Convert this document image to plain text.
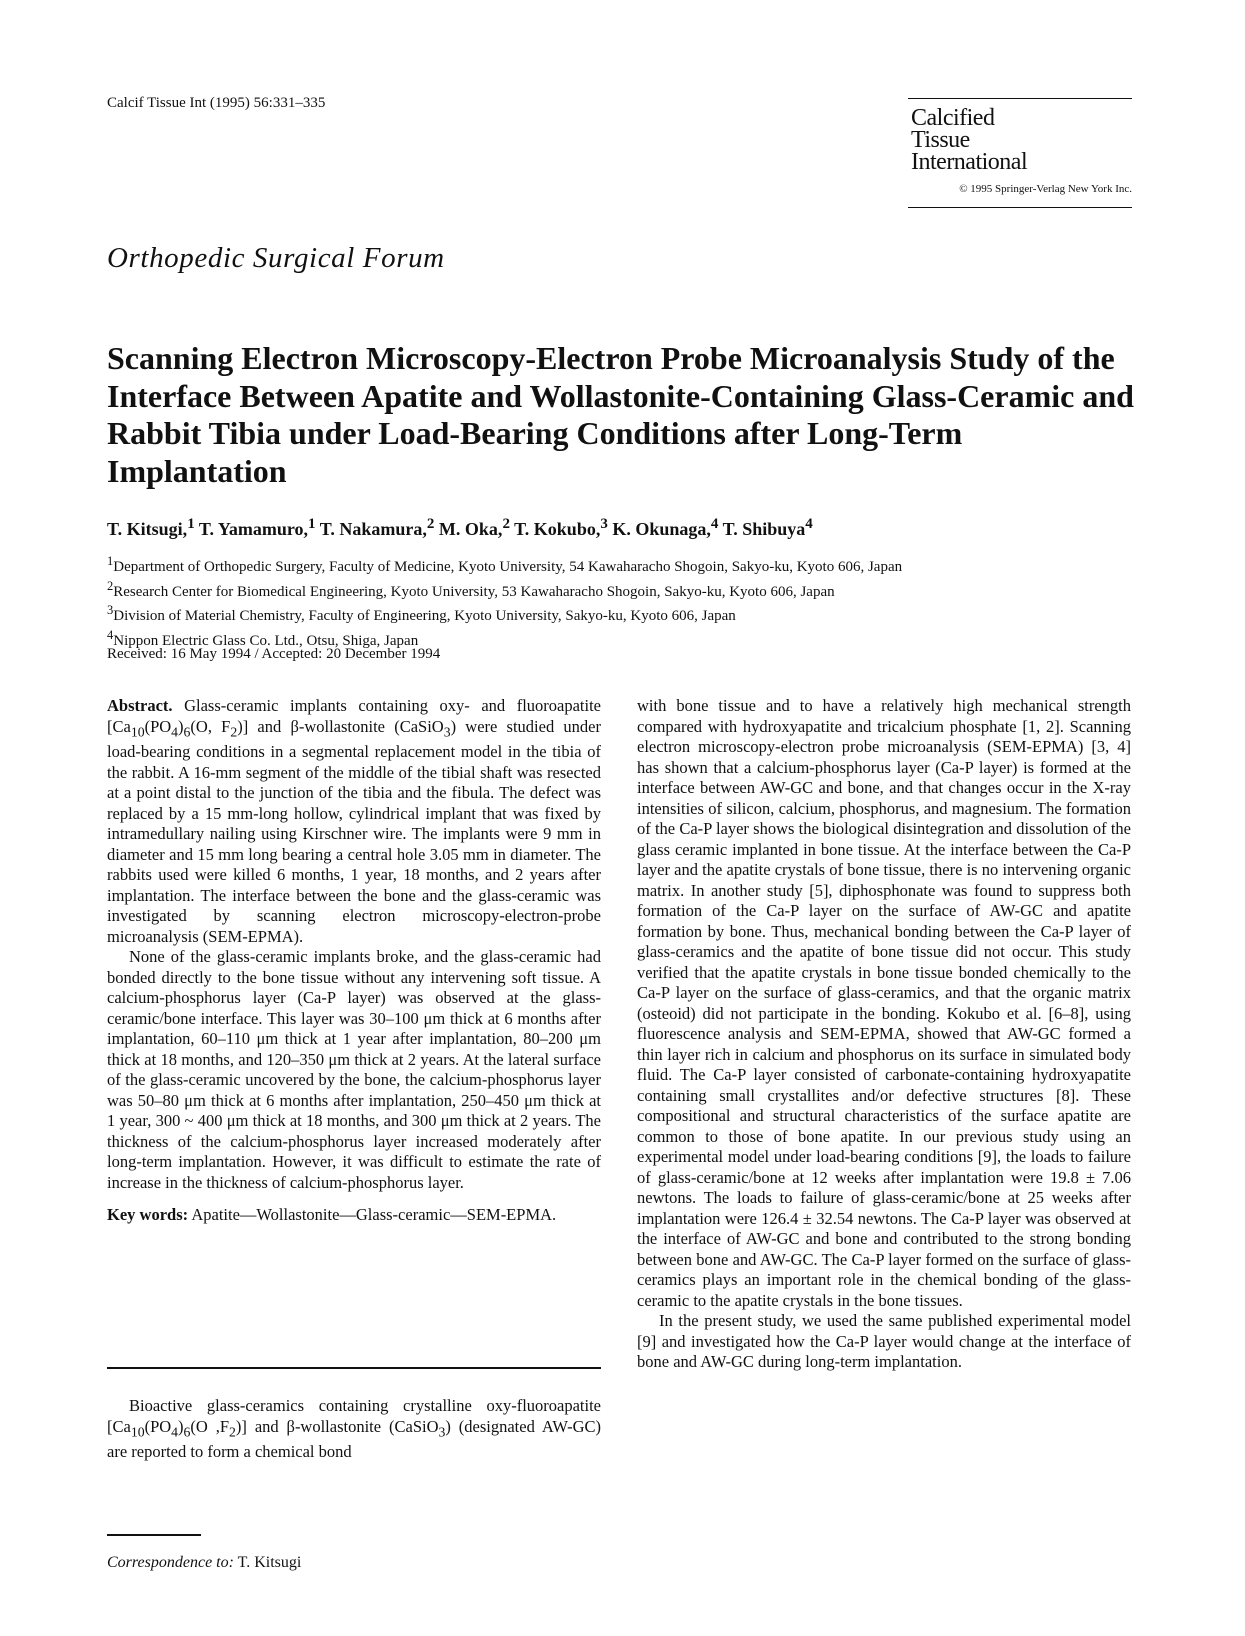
Calcif Tissue Int (1995) 56:331–335
Calcified
Tissue
International
© 1995 Springer-Verlag New York Inc.
Orthopedic Surgical Forum
Scanning Electron Microscopy-Electron Probe Microanalysis Study of the Interface Between Apatite and Wollastonite-Containing Glass-Ceramic and Rabbit Tibia under Load-Bearing Conditions after Long-Term Implantation
T. Kitsugi,$^1$ T. Yamamuro,$^1$ T. Nakamura,$^2$ M. Oka,$^2$ T. Kokubo,$^3$ K. Okunaga,$^4$ T. Shibuya$^4$
$^1$Department of Orthopedic Surgery, Faculty of Medicine, Kyoto University, 54 Kawaharacho Shogoin, Sakyo-ku, Kyoto 606, Japan
$^2$Research Center for Biomedical Engineering, Kyoto University, 53 Kawaharacho Shogoin, Sakyo-ku, Kyoto 606, Japan
$^3$Division of Material Chemistry, Faculty of Engineering, Kyoto University, Sakyo-ku, Kyoto 606, Japan
$^4$Nippon Electric Glass Co. Ltd., Otsu, Shiga, Japan
Received: 16 May 1994 / Accepted: 20 December 1994

Abstract. Glass-ceramic implants containing oxy- and fluoroapatite [$Ca_{10}(PO_4)_6(O$, $F_2$)] and β-wollastonite (CaSiO$_3$) were studied under load-bearing conditions in a segmental replacement model in the tibia of the rabbit. A 16-mm segment of the middle of the tibial shaft was resected at a point distal to the junction of the tibia and the fibula. The defect was replaced by a 15 mm-long hollow, cylindrical implant that was fixed by intramedullary nailing using Kirschner wire. The implants were 9 mm in diameter and 15 mm long bearing a central hole 3.05 mm in diameter. The rabbits used were killed 6 months, 1 year, 18 months, and 2 years after implantation. The interface between the bone and the glass-ceramic was investigated by scanning electron microscopy-electron-probe microanalysis (SEM-EPMA).

None of the glass-ceramic implants broke, and the glass-ceramic had bonded directly to the bone tissue without any intervening soft tissue. A calcium-phosphorus layer (Ca-P layer) was observed at the glass-ceramic/bone interface. This layer was 30–100 μm thick at 6 months after implantation, 60–110 μm thick at 1 year after implantation, 80–200 μm thick at 18 months, and 120–350 μm thick at 2 years. At the lateral surface of the glass-ceramic uncovered by the bone, the calcium-phosphorus layer was 50–80 μm thick at 6 months after implantation, 250–450 μm thick at 1 year, 300 ~ 400 μm thick at 18 months, and 300 μm thick at 2 years. The thickness of the calcium-phosphorus layer increased moderately after long-term implantation. However, it was difficult to estimate the rate of increase in the thickness of calcium-phosphorus layer.

Key words: Apatite—Wollastonite—Glass-ceramic—SEM-EPMA.

Bioactive glass-ceramics containing crystalline oxy-fluoroapatite [$Ca_{10}(PO_4)_6(O$ $,F_2$)] and β-wollastonite (CaSiO$_3$) (designated AW-GC) are reported to form a chemical bond

Correspondence to: T. Kitsugi

with bone tissue and to have a relatively high mechanical strength compared with hydroxyapatite and tricalcium phosphate [1, 2]. Scanning electron microscopy-electron probe microanalysis (SEM-EPMA) [3, 4] has shown that a calcium-phosphorus layer (Ca-P layer) is formed at the interface between AW-GC and bone, and that changes occur in the X-ray intensities of silicon, calcium, phosphorus, and magnesium. The formation of the Ca-P layer shows the biological disintegration and dissolution of the glass ceramic implanted in bone tissue. At the interface between the Ca-P layer and the apatite crystals of bone tissue, there is no intervening organic matrix. In another study [5], diphosphonate was found to suppress both formation of the Ca-P layer on the surface of AW-GC and apatite formation by bone. Thus, mechanical bonding between the Ca-P layer of glass-ceramics and the apatite of bone tissue did not occur. This study verified that the apatite crystals in bone tissue bonded chemically to the Ca-P layer on the surface of glass-ceramics, and that the organic matrix (osteoid) did not participate in the bonding. Kokubo et al. [6–8], using fluorescence analysis and SEM-EPMA, showed that AW-GC formed a thin layer rich in calcium and phosphorus on its surface in simulated body fluid. The Ca-P layer consisted of carbonate-containing hydroxyapatite containing small crystallites and/or defective structures [8]. These compositional and structural characteristics of the surface apatite are common to those of bone apatite. In our previous study using an experimental model under load-bearing conditions [9], the loads to failure of glass-ceramic/bone at 12 weeks after implantation were 19.8 ± 7.06 newtons. The loads to failure of glass-ceramic/bone at 25 weeks after implantation were 126.4 ± 32.54 newtons. The Ca-P layer was observed at the interface of AW-GC and bone and contributed to the strong bonding between bone and AW-GC. The Ca-P layer formed on the surface of glass-ceramics plays an important role in the chemical bonding of the glass-ceramic to the apatite crystals in the bone tissues.

In the present study, we used the same published experimental model [9] and investigated how the Ca-P layer would change at the interface of bone and AW-GC during long-term implantation.
